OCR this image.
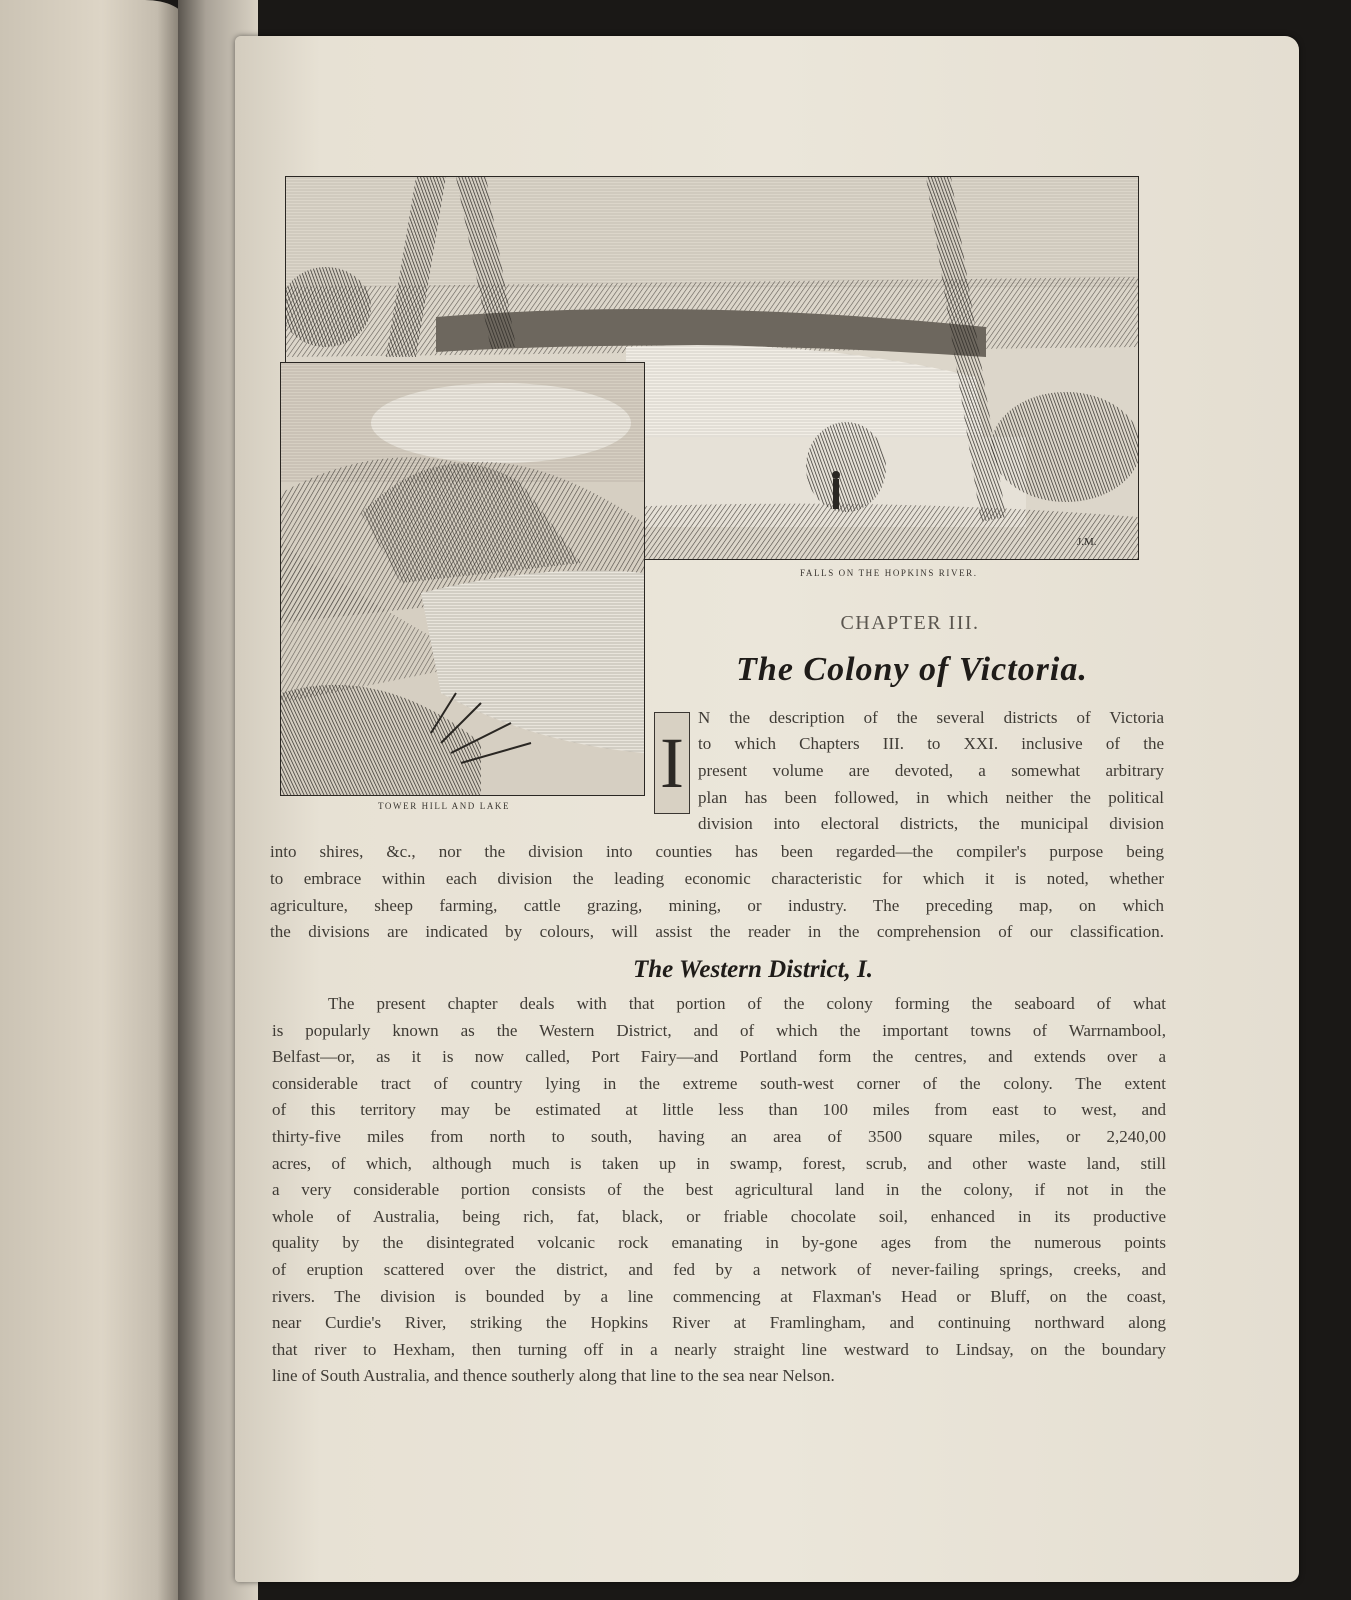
FALLS ON THE HOPKINS RIVER.
TOWER HILL AND LAKE
J.M.
CHAPTER III.
The Colony of Victoria.
I
N the description of the several districts of Victoria
to which Chapters III. to XXI. inclusive of the
present volume are devoted, a somewhat arbitrary
plan has been followed, in which neither the political
division into electoral districts, the municipal division
into shires, &c., nor the division into counties has been regarded—the compiler's purpose being
to embrace within each division the leading economic characteristic for which it is noted, whether
agriculture, sheep farming, cattle grazing, mining, or industry. The preceding map, on which
the divisions are indicated by colours, will assist the reader in the comprehension of our classification.
The Western District, I.
The present chapter deals with that portion of the colony forming the seaboard of what
is popularly known as the Western District, and of which the important towns of Warrnambool,
Belfast—or, as it is now called, Port Fairy—and Portland form the centres, and extends over a
considerable tract of country lying in the extreme south-west corner of the colony. The extent
of this territory may be estimated at little less than 100 miles from east to west, and
thirty-five miles from north to south, having an area of 3500 square miles, or 2,240,00
acres, of which, although much is taken up in swamp, forest, scrub, and other waste land, still
a very considerable portion consists of the best agricultural land in the colony, if not in the
whole of Australia, being rich, fat, black, or friable chocolate soil, enhanced in its productive
quality by the disintegrated volcanic rock emanating in by-gone ages from the numerous points
of eruption scattered over the district, and fed by a network of never-failing springs, creeks, and
rivers. The division is bounded by a line commencing at Flaxman's Head or Bluff, on the coast,
near Curdie's River, striking the Hopkins River at Framlingham, and continuing northward along
that river to Hexham, then turning off in a nearly straight line westward to Lindsay, on the boundary
line of South Australia, and thence southerly along that line to the sea near Nelson.
